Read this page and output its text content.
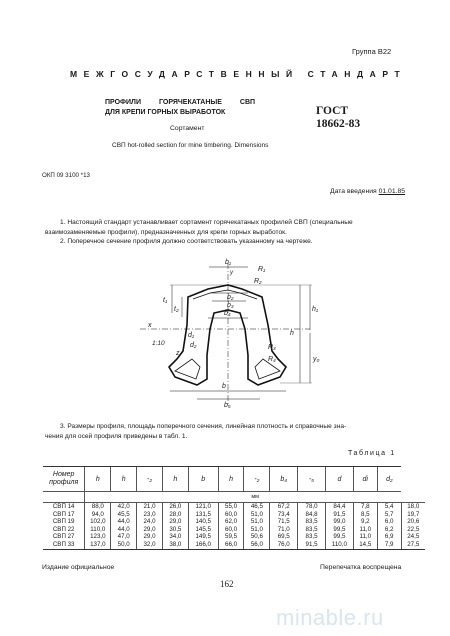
Группа В22
МЕЖГОСУДАРСТВЕННЫЙ СТАНДАРТ
ПРОФИЛИ	ГОРЯЧЕКАТАНЫЕ	СВП
ДЛЯ КРЕПИ ГОРНЫХ ВЫРАБОТОК
Сортамент
ГОСТ
18662-83
СВП hot-rolled section for mine timbering. Dimensions
ОКП 09 3100 *13
Дата введения 01.01.85
1. Настоящий стандарт устанавливает сортамент горячекатаных профилей СВП (специальные
взаимозаменяемые профили), предназначенных для крепи горных выработок.
2. Поперечное сечение профиля должно соответствовать указанному на чертеже.
b₁
y	R₁
R₂
b₂
b₃
t₁
t₂
h
h₁
b₄
x
R₃
R₄
1:10
d₁
d₂
z
b
b₅
y₀
3. Размеры профиля, площадь поперечного сечения, линейная плотность и справочные зна-
чения для осей профиля приведены в табл. 1.
Таблица 1
Номер профиля	h	h	-₂	h	b	h	-₂	b₄	-₅	d	di	d₂
	мм												
СВП 14	88,0	42,0	21,0	26,0	121,0	55,0	46,5	67,2	78,0	84,4	7,8	5,4	18,0
СВП 17	94,0	45,5	23,0	28,0	131,5	60,0	51,0	73,4	84,8	91,5	8,5	5,7	19,7
СВП 19	102,0	44,0	24,0	29,0	140,5	62,0	51,0	71,5	83,5	99,0	9,2	6,0	20,6
СВП 22	110,0	44,0	29,0	30,5	145,5	60,0	51,0	71,0	83,5	99,5	11,0	6,2	22,5
СВП 27	123,0	47,0	29,0	34,0	149,5	59,5	50,6	69,5	83,5	99,5	11,0	6,9	24,5
СВП 33	137,0	50,0	32,0	38,0	166,0	66,0	56,0	76,0	91,5	110,0	14,5	7,9	27,5
Издание официальное	Перепечатка воспрещена
162
minable.ru
